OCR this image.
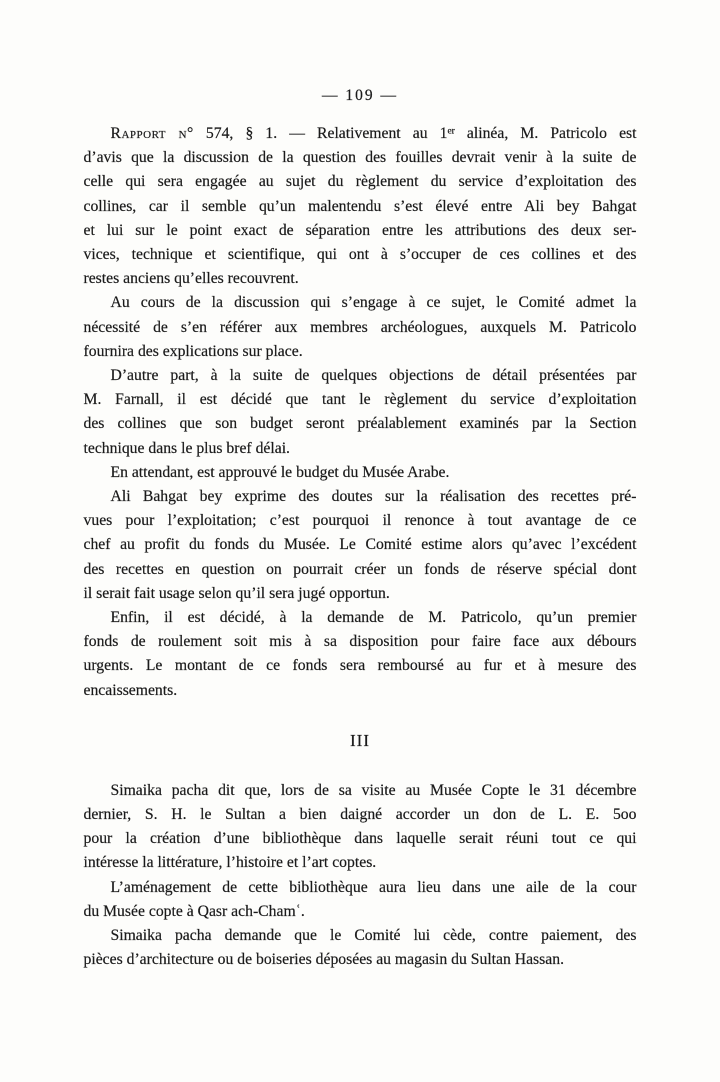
— 109 —
Rapport n° 574, § 1. — Relativement au 1er alinéa, M. Patricolo est
d’avis que la discussion de la question des fouilles devrait venir à la suite de
celle qui sera engagée au sujet du règlement du service d’exploitation des
collines, car il semble qu’un malentendu s’est élevé entre Ali bey Bahgat
et lui sur le point exact de séparation entre les attributions des deux ser-
vices, technique et scientifique, qui ont à s’occuper de ces collines et des
restes anciens qu’elles recouvrent.
Au cours de la discussion qui s’engage à ce sujet, le Comité admet la
nécessité de s’en référer aux membres archéologues, auxquels M. Patricolo
fournira des explications sur place.
D’autre part, à la suite de quelques objections de détail présentées par
M. Farnall, il est décidé que tant le règlement du service d’exploitation
des collines que son budget seront préalablement examinés par la Section
technique dans le plus bref délai.
En attendant, est approuvé le budget du Musée Arabe.
Ali Bahgat bey exprime des doutes sur la réalisation des recettes pré-
vues pour l’exploitation; c’est pourquoi il renonce à tout avantage de ce
chef au profit du fonds du Musée. Le Comité estime alors qu’avec l’excédent
des recettes en question on pourrait créer un fonds de réserve spécial dont
il serait fait usage selon qu’il sera jugé opportun.
Enfin, il est décidé, à la demande de M. Patricolo, qu’un premier
fonds de roulement soit mis à sa disposition pour faire face aux débours
urgents. Le montant de ce fonds sera remboursé au fur et à mesure des
encaissements.
III
Simaika pacha dit que, lors de sa visite au Musée Copte le 31 décembre
dernier, S. H. le Sultan a bien daigné accorder un don de L. E. 5oo
pour la création d’une bibliothèque dans laquelle serait réuni tout ce qui
intéresse la littérature, l’histoire et l’art coptes.
L’aménagement de cette bibliothèque aura lieu dans une aile de la cour
du Musée copte à Qasr ach-Chamʿ.
Simaika pacha demande que le Comité lui cède, contre paiement, des
pièces d’architecture ou de boiseries déposées au magasin du Sultan Hassan.
